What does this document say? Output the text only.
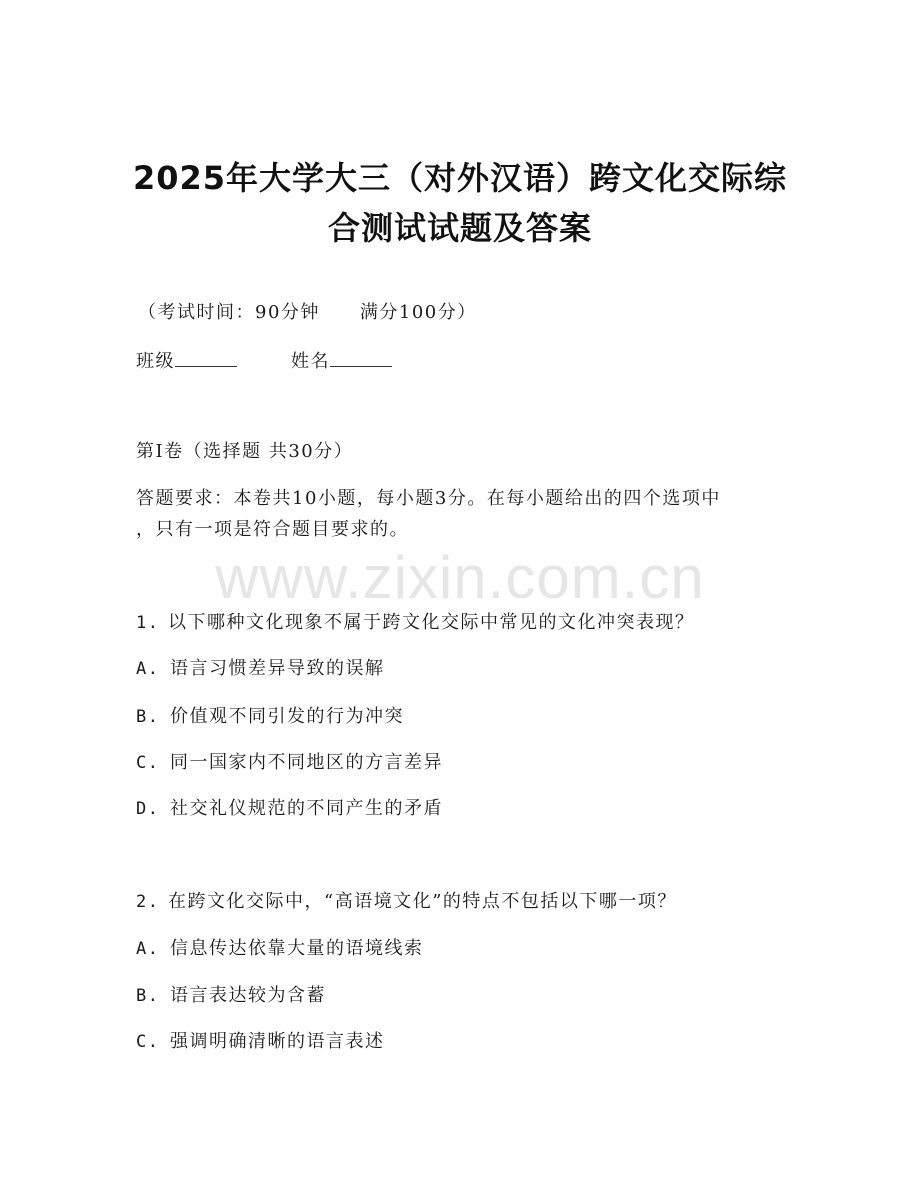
www.zixin.com.cn
2025年大学大三（对外汉语）跨文化交际综
合测试试题及答案
（考试时间：90分钟 满分100分）
班级	姓名
第Ⅰ卷（选择题 共30分）
答题要求：本卷共10小题，每小题3分。在每小题给出的四个选项中
，只有一项是符合题目要求的。
1. 以下哪种文化现象不属于跨文化交际中常见的文化冲突表现？
A. 语言习惯差异导致的误解
B. 价值观不同引发的行为冲突
C. 同一国家内不同地区的方言差异
D. 社交礼仪规范的不同产生的矛盾
2. 在跨文化交际中，“高语境文化”的特点不包括以下哪一项？
A. 信息传达依靠大量的语境线索
B. 语言表达较为含蓄
C. 强调明确清晰的语言表述
